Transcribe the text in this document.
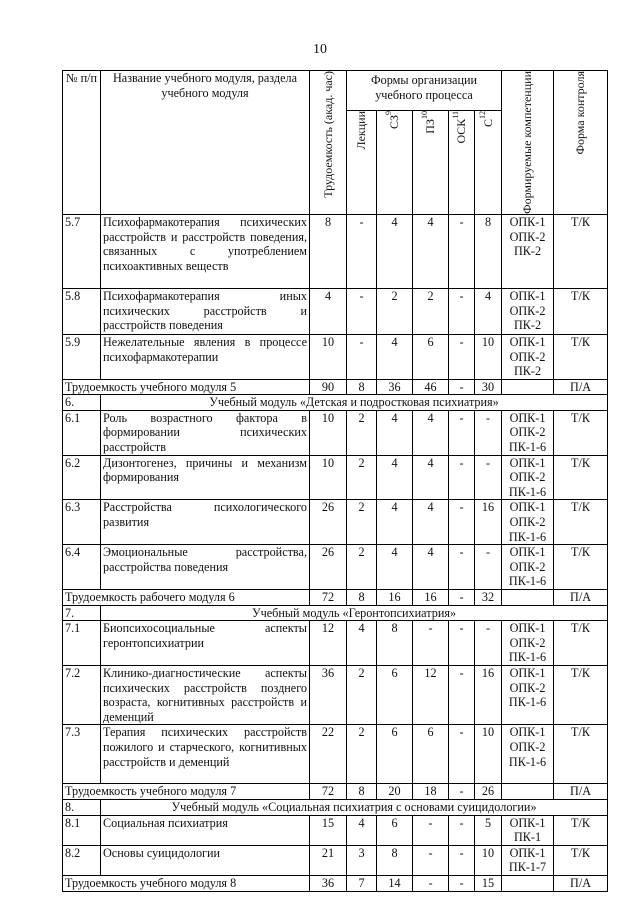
10
№ п/п	Название учебного модуля, раздела учебного модуля	Трудоемкость (акад. час)	Формы организации учебного процесса					Формируемые компетенции	Форма контроля

			Лекции	$СЗ^9$	ПЗ$^{10}$	ОСК$^{11}$	$С^{12}$

5.7	Психофармакотерапия психических расстройств и расстройств поведения, связанных с употреблением психоактивных веществ	8	-	4	4	-	8	ОПК-1
ОПК-2
ПК-2	Т/К
5.8	Психофармакотерапия иных психических расстройств и расстройств поведения	4	-	2	2	-	4	ОПК-1
ОПК-2
ПК-2	Т/К
5.9	Нежелательные явления в процессе психофармакотерапии	10	-	4	6	-	10	ОПК-1
ОПК-2
ПК-2	Т/К
Трудоемкость учебного модуля 5		90	8	36	46	-	30		П/А
6.	Учебный модуль «Детская и подростковая психиатрия»								
6.1	Роль возрастного фактора в формировании психических расстройств	10	2	4	4	-	-	ОПК-1
ОПК-2
ПК-1-6	Т/К
6.2	Дизонтогенез, причины и механизм формирования	10	2	4	4	-	-	ОПК-1
ОПК-2
ПК-1-6	Т/К
6.3	Расстройства психологического развития	26	2	4	4	-	16	ОПК-1
ОПК-2
ПК-1-6	Т/К
6.4	Эмоциональные расстройства, расстройства поведения	26	2	4	4	-	-	ОПК-1
ОПК-2
ПК-1-6	Т/К
Трудоемкость рабочего модуля 6		72	8	16	16	-	32		П/А
7.	Учебный модуль «Геронтопсихиатрия»								
7.1	Биопсихосоциальные аспекты геронтопсихиатрии	12	4	8	-	-	-	ОПК-1
ОПК-2
ПК-1-6	Т/К
7.2	Клинико-диагностические аспекты психических расстройств позднего возраста, когнитивных расстройств и деменций	36	2	6	12	-	16	ОПК-1
ОПК-2
ПК-1-6	Т/К
7.3	Терапия психических расстройств пожилого и старческого, когнитивных расстройств и деменций	22	2	6	6	-	10	ОПК-1
ОПК-2
ПК-1-6	Т/К
Трудоемкость учебного модуля 7		72	8	20	18	-	26		П/А
8.	Учебный модуль «Социальная психиатрия с основами суицидологии»								
8.1	Социальная психиатрия	15	4	6	-	-	5	ОПК-1
ПК-1	Т/К
8.2	Основы суицидологии	21	3	8	-	-	10	ОПК-1
ПК-1-7	Т/К
Трудоемкость учебного модуля 8		36	7	14	-	-	15		П/А
